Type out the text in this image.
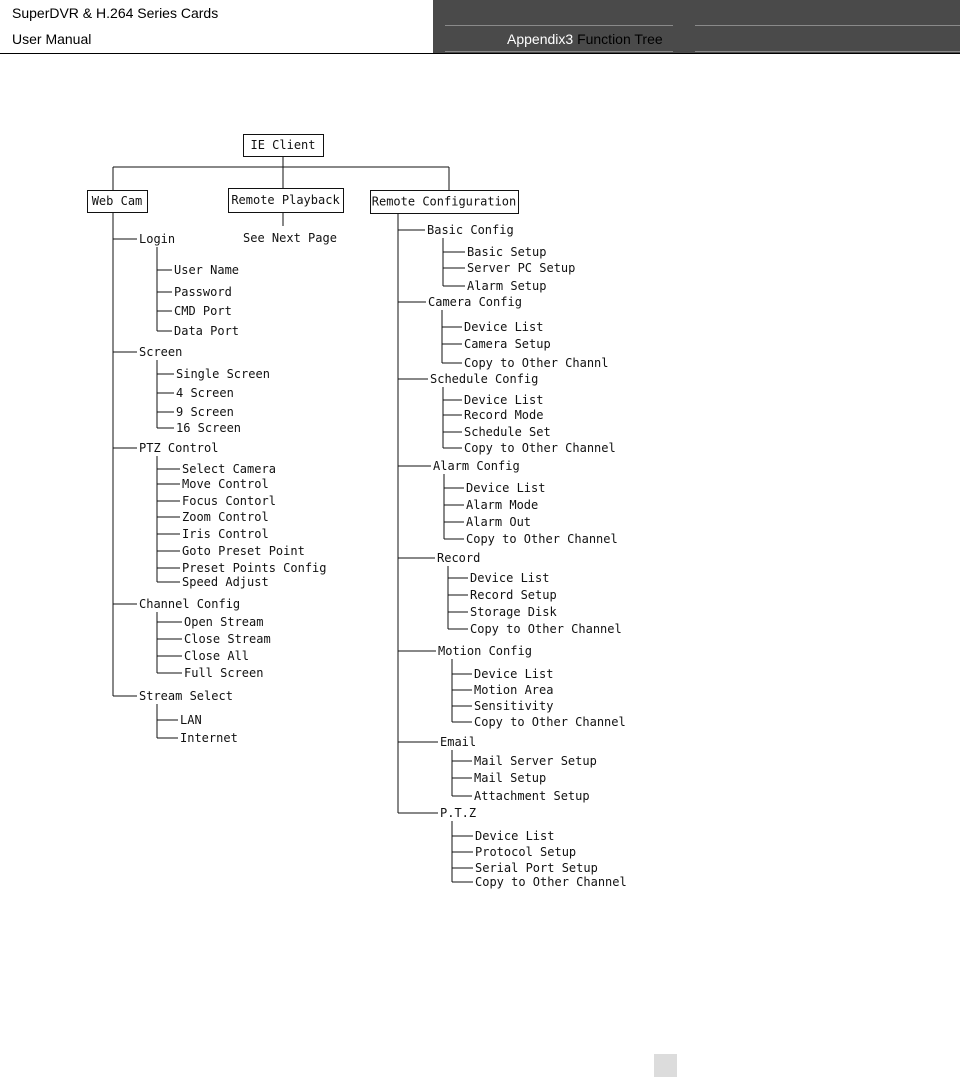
SuperDVR & H.264 Series Cards
User Manual	Appendix3 Function Tree
IE Client
Web Cam	Remote Playback	Remote Configuration
See Next Page
Login
User Name
Password
CMD Port
Data Port
Screen
Single Screen
4 Screen
9 Screen
16 Screen
PTZ Control
Select Camera
Move Control
Focus Contorl
Zoom Control
Iris Control
Goto Preset Point
Preset Points Config
Speed Adjust
Channel Config
Open Stream
Close Stream
Close All
Full Screen
Stream Select
LAN
Internet
Basic Config
Basic Setup
Server PC Setup
Alarm Setup
Camera Config
Device List
Camera Setup
Copy to Other Channl
Schedule Config
Device List
Record Mode
Schedule Set
Copy to Other Channel
Alarm Config
Device List
Alarm Mode
Alarm Out
Copy to Other Channel
Record
Device List
Record Setup
Storage Disk
Copy to Other Channel
Motion Config
Device List
Motion Area
Sensitivity
Copy to Other Channel
Email
Mail Server Setup
Mail Setup
Attachment Setup
P.T.Z
Device List
Protocol Setup
Serial Port Setup
Copy to Other Channel
